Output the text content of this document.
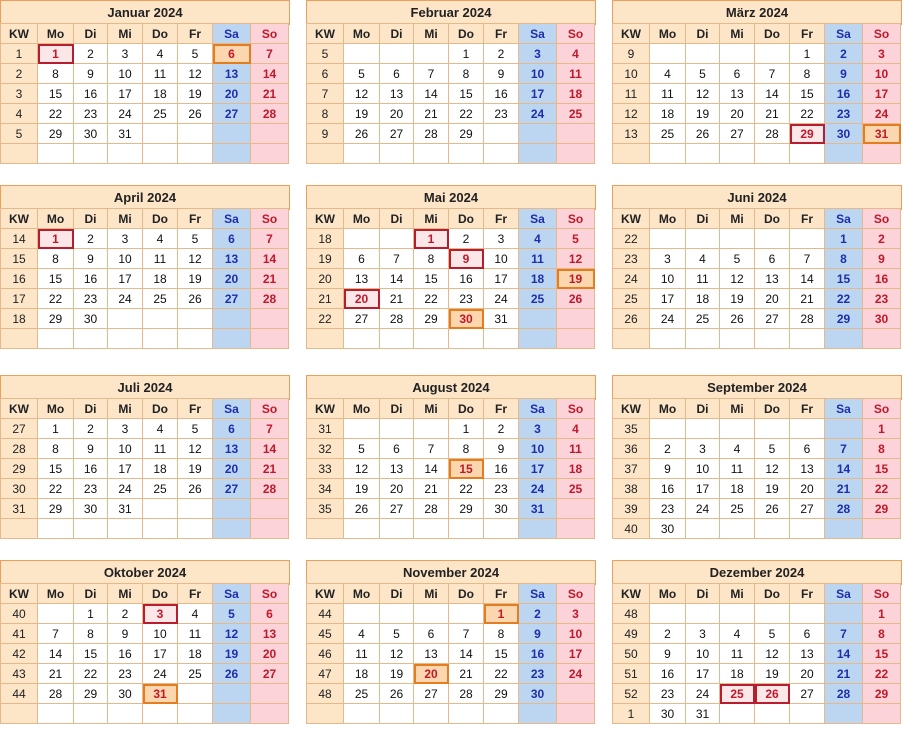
Januar 2024
KW	Mo	Di	Mi	Do	Fr	Sa	So
1	1	2	3	4	5	6	7
2	8	9	10	11	12	13	14
3	15	16	17	18	19	20	21
4	22	23	24	25	26	27	28
5	29	30	31				

Februar 2024
KW	Mo	Di	Mi	Do	Fr	Sa	So
5				1	2	3	4
6	5	6	7	8	9	10	11
7	12	13	14	15	16	17	18
8	19	20	21	22	23	24	25
9	26	27	28	29			

März 2024
KW	Mo	Di	Mi	Do	Fr	Sa	So
9					1	2	3
10	4	5	6	7	8	9	10
11	11	12	13	14	15	16	17
12	18	19	20	21	22	23	24
13	25	26	27	28	29	30	31

April 2024
KW	Mo	Di	Mi	Do	Fr	Sa	So
14	1	2	3	4	5	6	7
15	8	9	10	11	12	13	14
16	15	16	17	18	19	20	21
17	22	23	24	25	26	27	28
18	29	30					

Mai 2024
KW	Mo	Di	Mi	Do	Fr	Sa	So
18			1	2	3	4	5
19	6	7	8	9	10	11	12
20	13	14	15	16	17	18	19
21	20	21	22	23	24	25	26
22	27	28	29	30	31		

Juni 2024
KW	Mo	Di	Mi	Do	Fr	Sa	So
22						1	2
23	3	4	5	6	7	8	9
24	10	11	12	13	14	15	16
25	17	18	19	20	21	22	23
26	24	25	26	27	28	29	30

Juli 2024
KW	Mo	Di	Mi	Do	Fr	Sa	So
27	1	2	3	4	5	6	7
28	8	9	10	11	12	13	14
29	15	16	17	18	19	20	21
30	22	23	24	25	26	27	28
31	29	30	31				

August 2024
KW	Mo	Di	Mi	Do	Fr	Sa	So
31				1	2	3	4
32	5	6	7	8	9	10	11
33	12	13	14	15	16	17	18
34	19	20	21	22	23	24	25
35	26	27	28	29	30	31	

September 2024
KW	Mo	Di	Mi	Do	Fr	Sa	So
35							1
36	2	3	4	5	6	7	8
37	9	10	11	12	13	14	15
38	16	17	18	19	20	21	22
39	23	24	25	26	27	28	29
40	30						
Oktober 2024
KW	Mo	Di	Mi	Do	Fr	Sa	So
40		1	2	3	4	5	6
41	7	8	9	10	11	12	13
42	14	15	16	17	18	19	20
43	21	22	23	24	25	26	27
44	28	29	30	31			

November 2024
KW	Mo	Di	Mi	Do	Fr	Sa	So
44					1	2	3
45	4	5	6	7	8	9	10
46	11	12	13	14	15	16	17
47	18	19	20	21	22	23	24
48	25	26	27	28	29	30	

Dezember 2024
KW	Mo	Di	Mi	Do	Fr	Sa	So
48							1
49	2	3	4	5	6	7	8
50	9	10	11	12	13	14	15
51	16	17	18	19	20	21	22
52	23	24	25	26	27	28	29
1	30	31					
